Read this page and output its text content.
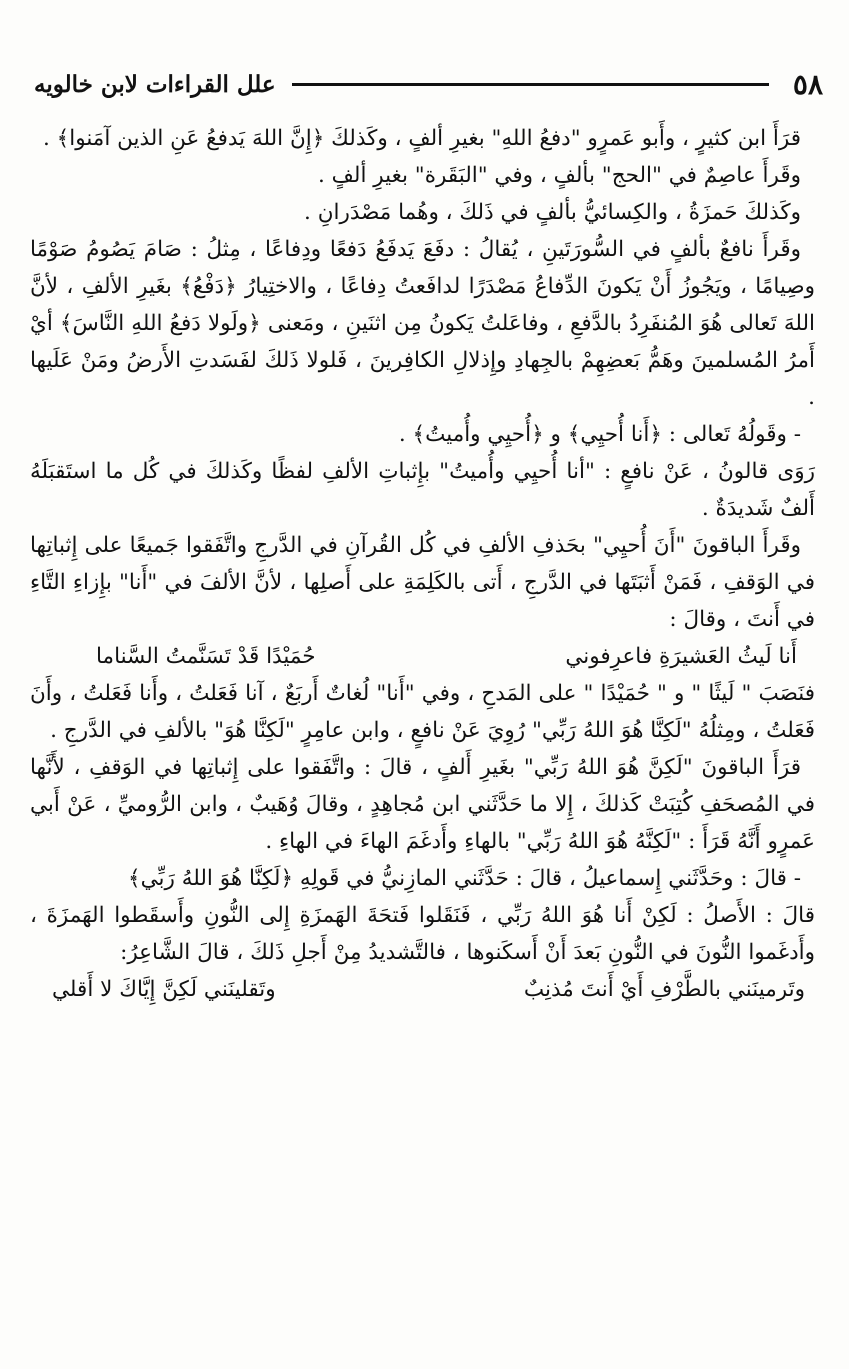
٥٨
علل القراءات لابن خالويه

قرَأَ ابن كثيرٍ ، وأَبو عَمرٍو "دفعُ اللهِ" بغيرِ ألفٍ ، وكَذلكَ ﴿إِنَّ اللهَ يَدفعُ عَنِ الذين آمَنوا﴾ .

وقَرأَ عاصِمٌ في "الحج" بألفٍ ، وفي "البَقَرة" بغيرِ ألفٍ .

وكَذلكَ حَمزَةُ ، والكِسائيُّ بألفٍ في ذَلكَ ، وهُما مَصْدَرانِ .

وقَرأَ نافعٌ بألفٍ في السُّورَتَينِ ، يُقالُ : دفَعَ يَدفَعُ دَفعًا ودِفاعًا ، مِثلُ : صَامَ يَصُومُ صَوْمًا وصِيامًا ، ويَجُوزُ أَنْ يَكونَ الدِّفاعُ مَصْدَرًا لدافَعتُ دِفاعًا ، والاختِيارُ ﴿دَفْعُ﴾ بغَيرِ الألفِ ، لأنَّ اللهَ تَعالى هُوَ المُنفَرِدُ بالدَّفعِ ، وفاعَلتُ يَكونُ مِن اثنَينِ ، ومَعنى ﴿ولَولا دَفعُ اللهِ النَّاسَ﴾ أيْ أَمرُ المُسلمينَ وهَمُّ بَعضِهِمْ بالجِهادِ وإِذلالِ الكافِرينَ ، فَلولا ذَلكَ لفَسَدتِ الأَرضُ ومَنْ عَلَيها .

- وقَولُهُ تَعالى : ﴿أَنا أُحيِي﴾ و ﴿أُحيِي وأُميتُ﴾ .

رَوَى قالونُ ، عَنْ نافعٍ : "أنا أُحيِي وأُميتُ" بإِثباتِ الألفِ لفظًا وكَذلكَ في كُل ما استَقبَلَهُ أَلفٌ شَديدَةٌ .

وقَرأَ الباقونَ "أَنَ أُحيِي" بحَذفِ الألفِ في كُل القُرآنِ في الدَّرجِ واتَّفَقوا جَميعًا على إِثباتِها في الوَقفِ ، فَمَنْ أَثبَتَها في الدَّرجِ ، أَتى بالكَلِمَةِ على أَصلِها ، لأنَّ الألفَ في "أَنا" بإِزاءِ التَّاءِ في أَنتَ ، وقالَ :

أَنا لَيثُ العَشيرَةِ فاعرِفوني
حُمَيْدًا قَدْ تَسَنَّمتُ السَّناما

فنَصَبَ " لَيثًا " و " حُمَيْدًا " على المَدحِ ، وفي "أَنا" لُغاتٌ أَربَعٌ ، آنا فَعَلتُ ، وأَنا فَعَلتُ ، وأَنَ فَعَلتُ ، ومِثلُهُ "لَكِنَّا هُوَ اللهُ رَبِّي" رُوِيَ عَنْ نافعٍ ، وابن عامِرٍ "لَكِنَّا هُوَ" بالألفِ في الدَّرجِ .

قرَأَ الباقونَ "لَكِنَّ هُوَ اللهُ رَبِّي" بغَيرِ أَلفٍ ، قالَ : واتَّفَقوا على إِثباتِها في الوَقفِ ، لأَنَّها في المُصحَفِ كُتِبَتْ كَذلكَ ، إِلا ما حَدَّثَني ابن مُجاهِدٍ ، وقالَ وُهَيبٌ ، وابن الرُّوميِّ ، عَنْ أَبي عَمرٍو أَنَّهُ قَرَأَ : "لَكِنَّهُ هُوَ اللهُ رَبِّي" بالهاءِ وأَدغَمَ الهاءَ في الهاءِ .

- قالَ : وحَدَّثَني إِسماعيلُ ، قالَ : حَدَّثَني المازِنيُّ في قَولِهِ ﴿لَكِنَّا هُوَ اللهُ رَبِّي﴾

قالَ : الأَصلُ : لَكِنْ أَنا هُوَ اللهُ رَبِّي ، فَنَقَلوا فَتحَةَ الهَمزَةِ إِلى النُّونِ وأَسقَطوا الهَمزَةَ ، وأَدغَموا النُّونَ في النُّونِ بَعدَ أَنْ أَسكَنوها ، فالتَّشديدُ مِنْ أَجلِ ذَلكَ ، قالَ الشَّاعِرُ:

وتَرمينَني بالطَّرْفِ أَيْ أَنتَ مُذنِبٌ
وتَقلينَني لَكِنَّ إِيَّاكَ لا أَقلي
